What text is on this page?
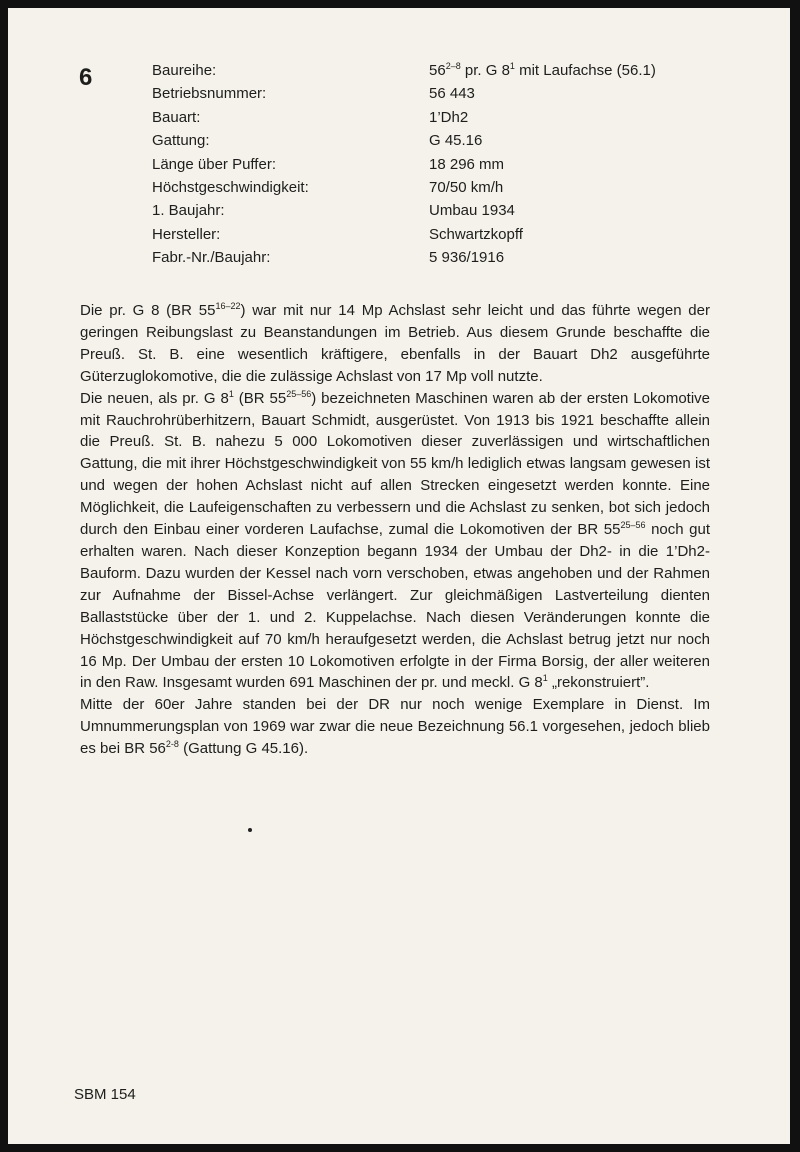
6	Baureihe:	56$^{2-8}$ pr. G $8^1$ mit Laufachse (56.1)
Betriebsnummer:	56 443
Bauart:	1’Dh2
Gattung:	G 45.16
Länge über Puffer:	18 296 mm
Höchstgeschwindigkeit:	70/50 km/h
1. Baujahr:	Umbau 1934
Hersteller:	Schwartzkopff
Fabr.-Nr./Baujahr:	5 936/1916

Die pr. G 8 (BR 55$^{16-22}$) war mit nur 14 Mp Achslast sehr leicht und das führte wegen der geringen Reibungslast zu Beanstandungen im Betrieb. Aus diesem Grunde beschaffte die Preuß. St. B. eine wesentlich kräftigere, ebenfalls in der Bauart Dh2 ausgeführte Güterzuglokomotive, die die zulässige Achslast von 17 Mp voll nutzte.

Die neuen, als pr. G $8^1$ (BR 55$^{25-56}$) bezeichneten Maschinen waren ab der ersten Lokomotive mit Rauchrohrüberhitzern, Bauart Schmidt, ausgerüstet. Von 1913 bis 1921 beschaffte allein die Preuß. St. B. nahezu 5 000 Lokomotiven dieser zuverlässigen und wirtschaftlichen Gattung, die mit ihrer Höchstgeschwindigkeit von 55 km/h lediglich etwas langsam gewesen ist und wegen der hohen Achslast nicht auf allen Strecken eingesetzt werden konnte. Eine Möglichkeit, die Laufeigenschaften zu verbessern und die Achslast zu senken, bot sich jedoch durch den Einbau einer vorderen Laufachse, zumal die Lokomotiven der BR 55$^{25-56}$ noch gut erhalten waren. Nach dieser Konzeption begann 1934 der Umbau der Dh2- in die 1’Dh2-Bauform. Dazu wurden der Kessel nach vorn verschoben, etwas angehoben und der Rahmen zur Aufnahme der Bissel-Achse verlängert. Zur gleichmäßigen Lastverteilung dienten Ballaststücke über der 1. und 2. Kuppelachse. Nach diesen Veränderungen konnte die Höchstgeschwindigkeit auf 70 km/h heraufgesetzt werden, die Achslast betrug jetzt nur noch 16 Mp. Der Umbau der ersten 10 Lokomotiven erfolgte in der Firma Borsig, der aller weiteren in den Raw. Insgesamt wurden 691 Maschinen der pr. und meckl. G $8^1$ „rekonstruiert”.

Mitte der 60er Jahre standen bei der DR nur noch wenige Exemplare in Dienst. Im Umnummerungsplan von 1969 war zwar die neue Bezeichnung 56.1 vorgesehen, jedoch blieb es bei BR 56$^{2-8}$ (Gattung G 45.16).

SBM 154
